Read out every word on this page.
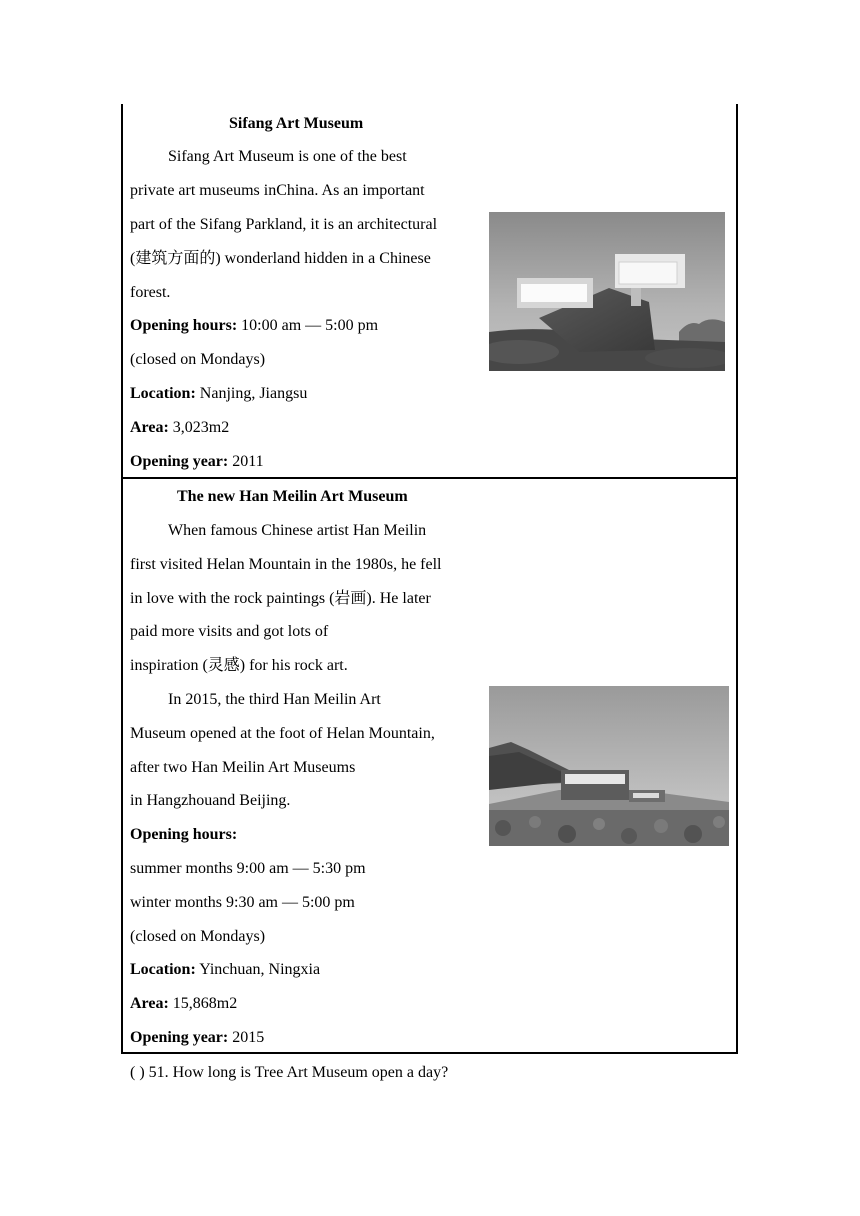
Sifang Art Museum
Sifang Art Museum is one of the best
private art museums inChina. As an important
part of the Sifang Parkland, it is an architectural
(建筑方面的) wonderland hidden in a Chinese
forest.
Opening hours: 10:00 am — 5:00 pm
(closed on Mondays)
Location: Nanjing, Jiangsu
Area: 3,023m2
Opening year: 2011
The new Han Meilin Art Museum
When famous Chinese artist Han Meilin
first visited Helan Mountain in the 1980s, he fell
in love with the rock paintings (岩画). He later
paid more visits and got lots of
inspiration (灵感) for his rock art.
In 2015, the third Han Meilin Art
Museum opened at the foot of Helan Mountain,
after two Han Meilin Art Museums
in Hangzhouand Beijing.
Opening hours:
summer months 9:00 am — 5:30 pm
winter months 9:30 am — 5:00 pm
(closed on Mondays)
Location: Yinchuan, Ningxia
Area: 15,868m2
Opening year: 2015
( ) 51. How long is Tree Art Museum open a day?
